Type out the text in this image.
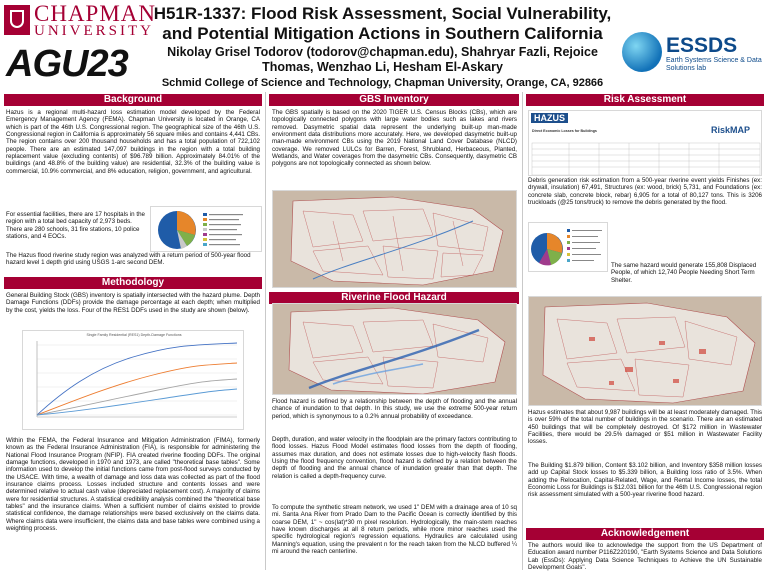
CHAPMAN
UNIVERSITY
AGU23
H51R-1337: Flood Risk Assessment, Social Vulnerability, and Potential Mitigation Actions in Southern California
Nikolay Grisel Todorov (todorov@chapman.edu), Shahryar Fazli, Rejoice Thomas, Wenzhao Li, Hesham El-Askary
Schmid College of Science and Technology, Chapman University, Orange, CA, 92866
ESSDS
Earth Systems Science & Data Solutions lab
Background
Hazus is a regional multi-hazard loss estimation model developed by the Federal Emergency Management Agency (FEMA). Chapman University is located in Orange, CA which is part of the 46th U.S. Congressional region. The geographical size of the 46th U.S. Congressional region in California is approximately 56 square miles and contains 4,441 CBs. The region contains over 200 thousand households and has a total population of 722,102 people. There are an estimated 147,097 buildings in the region with a total building replacement value (excluding contents) of $96.789 billion. Approximately 84.01% of the buildings (and 48.8% of the building value) are residential, 32.3% of the building value is commercial, 10.9% commercial, and 8% education, religion, government, and agricultural.
For essential facilities, there are 17 hospitals in the region with a total bed capacity of 2,973 beds. There are 280 schools, 31 fire stations, 10 police stations, and 4 EOCs.
The Hazus flood riverine study region was analyzed with a return period of 500-year flood hazard level 1 depth grid using USGS 1-arc second DEM.
Methodology
General Building Stock (GBS) inventory is spatially intersected with the hazard plume. Depth Damage Functions (DDFs) provide the damage percentage at each depth; when multiplied by the cost, yields the loss. Four of the RES1 DDFs used in the study are shown (below).
Single Family Residential (RES1) Depth-Damage Functions
Within the FEMA, the Federal Insurance and Mitigation Administration (FIMA), formerly known as the Federal Insurance Administration (FIA), is responsible for administering the National Flood Insurance Program (NFIP). FIA created riverine flooding DDFs. The original damage functions, developed in 1970 and 1973, are called "theoretical base tables". Some information used to develop the initial functions came from post-flood surveys conducted by the USACE. With time, a wealth of damage and loss data was collected as part of the flood insurance claims process. Losses included structure and contents losses and were determined relative to actual cash value (depreciated replacement cost). A majority of claims were for residential structures. A statistical credibility analysis combined the "theoretical base tables" and the insurance claims. When a sufficient number of claims existed to provide statistical confidence, the damage relationships were based exclusively on the claims data. Where claims data were insufficient, the claims data and base tables were combined using a weighting process.
GBS Inventory
The GBS spatially is based on the 2020 TIGER U.S. Census Blocks (CBs), which are topologically connected polygons with large water bodies such as lakes and rivers removed. Dasymetric spatial data represent the underlying built-up man-made environment data distributions more accurately. Here, we developed dasymetric built-up man-made environment CBs using the 2019 National Land Cover Database (NLCD) coverage. We removed LULCs for Barren, Forest, Shrubland, Herbaceous, Planted, Wetlands, and Water coverages from the dasymetric CBs. Consequently, dasymetric CB polygons are not topologically connected as shown below.
Riverine Flood Hazard
Flood hazard is defined by a relationship between the depth of flooding and the annual chance of inundation to that depth. In this study, we use the extreme 500-year return period, which is synonymous to a 0.2% annual probability of exceedance.
Depth, duration, and water velocity in the floodplain are the primary factors contributing to flood losses. Hazus Flood Model estimates flood losses from the depth of flooding, assumes max duration, and does not estimate losses due to high-velocity flash floods. Using the flood frequency convention, flood hazard is defined by a relation between the depth of flooding and the annual chance of inundation greater than that depth. The relation is called a depth-frequency curve.
To compute the synthetic stream network, we used 1" DEM with a drainage area of 10 sq mi. Santa Ana River from Prado Dam to the Pacific Ocean is correctly identified by this coarse DEM, 1" ~ cos(lat)*30 m pixel resolution. Hydrologically, the main-stem reaches have known discharges at all 8 return periods, while more minor reaches used the specific hydrological region's regression equations. Hydraulics are calculated using Manning's equation, using the prevalent n for the reach taken from the NLCD buffered ¼ mi around the reach centerline.
Risk Assessment
HAZUS
RiskMAP
Direct Economic Losses for Buildings
Debris generation risk estimation from a 500-year riverine event yields Finishes (ex: drywall, insulation) 67,491, Structures (ex: wood, brick) 5,731, and Foundations (ex: concrete slab, concrete block, rebar) 6,905 for a total of 80,127 tons. This is 3206 truckloads (@25 tons/truck) to remove the debris generated by the flood.
The same hazard would generate 155,808 Displaced People, of which 12,740 People Needing Short Term Shelter.
Hazus estimates that about 9,987 buildings will be at least moderately damaged. This is over 59% of the total number of buildings in the scenario. There are an estimated 450 buildings that will be completely destroyed. Of $172 million in Wastewater Facilities, there would be 29.5% damaged or $51 million in Wastewater Facility losses.
The Building $1.879 billion, Content $3.102 billion, and Inventory $358 million losses add up Capital Stock losses to $5.339 billion, a Building loss ratio of 3.5%. When adding the Relocation, Capital-Related, Wage, and Rental Income losses, the total Economic Loss for Buildings is $12.031 billion for the 46th U.S. Congressional region risk assessment simulated with a 500-year riverine flood hazard.
Acknowledgement
The authors would like to acknowledge the support from the US Department of Education award number P116Z220190, "Earth Systems Science and Data Solutions Lab (EssDs): Applying Data Science Techniques to Achieve the UN Sustainable Development Goals".
